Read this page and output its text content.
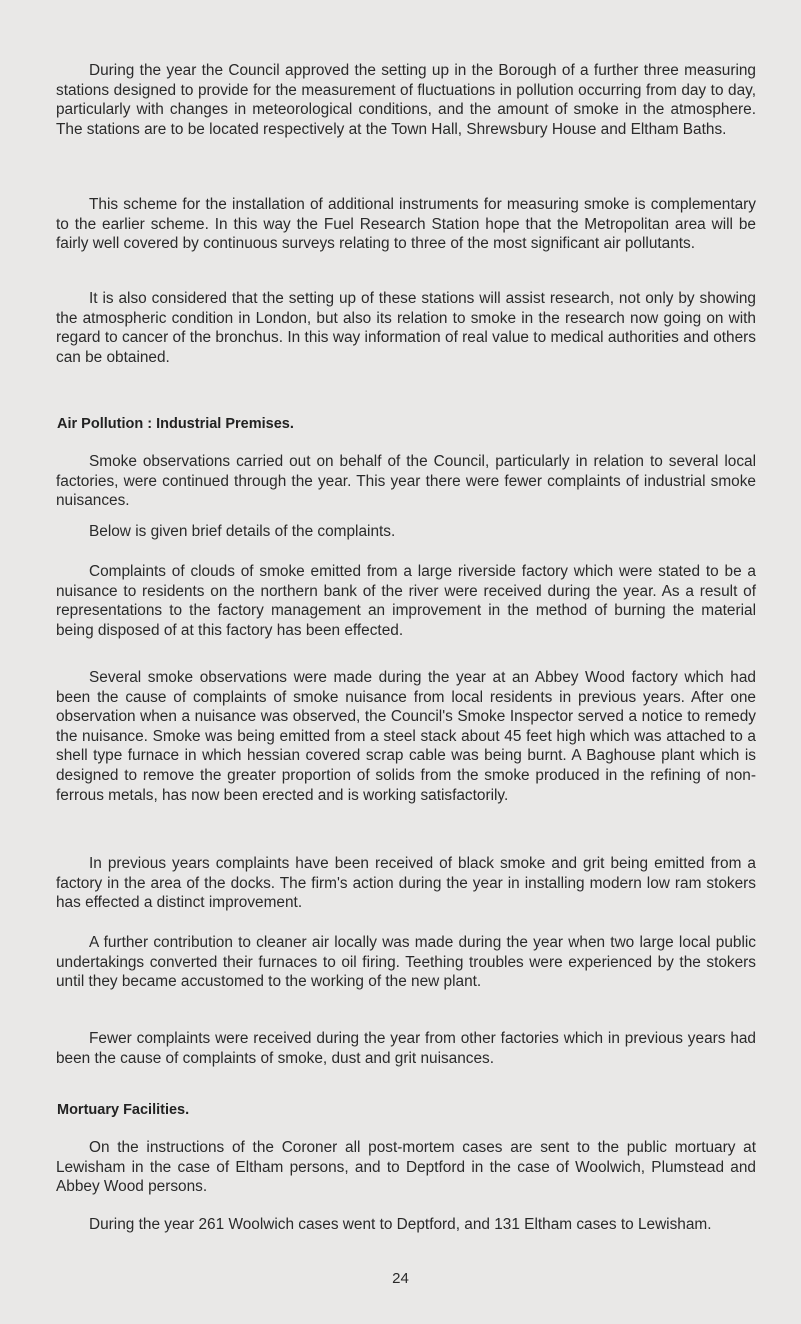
During the year the Council approved the setting up in the Borough of a further three measuring stations designed to provide for the measurement of fluctuations in pollution occurring from day to day, particularly with changes in meteorological conditions, and the amount of smoke in the atmosphere. The stations are to be located respectively at the Town Hall, Shrewsbury House and Eltham Baths.

This scheme for the installation of additional instruments for measuring smoke is complementary to the earlier scheme. In this way the Fuel Research Station hope that the Metropolitan area will be fairly well covered by continuous surveys relating to three of the most significant air pollutants.

It is also considered that the setting up of these stations will assist research, not only by showing the atmospheric condition in London, but also its relation to smoke in the research now going on with regard to cancer of the bronchus. In this way information of real value to medical authorities and others can be obtained.

Air Pollution : Industrial Premises.

Smoke observations carried out on behalf of the Council, particularly in relation to several local factories, were continued through the year. This year there were fewer complaints of industrial smoke nuisances.

Below is given brief details of the complaints.

Complaints of clouds of smoke emitted from a large riverside factory which were stated to be a nuisance to residents on the northern bank of the river were received during the year. As a result of representations to the factory management an improvement in the method of burning the material being disposed of at this factory has been effected.

Several smoke observations were made during the year at an Abbey Wood factory which had been the cause of complaints of smoke nuisance from local residents in previous years. After one observation when a nuisance was observed, the Council's Smoke Inspector served a notice to remedy the nuisance. Smoke was being emitted from a steel stack about 45 feet high which was attached to a shell type furnace in which hessian covered scrap cable was being burnt. A Baghouse plant which is designed to remove the greater proportion of solids from the smoke produced in the refining of non-ferrous metals, has now been erected and is working satisfactorily.

In previous years complaints have been received of black smoke and grit being emitted from a factory in the area of the docks. The firm's action during the year in installing modern low ram stokers has effected a distinct improvement.

A further contribution to cleaner air locally was made during the year when two large local public undertakings converted their furnaces to oil firing. Teething troubles were experienced by the stokers until they became accustomed to the working of the new plant.

Fewer complaints were received during the year from other factories which in previous years had been the cause of complaints of smoke, dust and grit nuisances.

Mortuary Facilities.

On the instructions of the Coroner all post-mortem cases are sent to the public mortuary at Lewisham in the case of Eltham persons, and to Deptford in the case of Woolwich, Plumstead and Abbey Wood persons.

During the year 261 Woolwich cases went to Deptford, and 131 Eltham cases to Lewisham.

24
